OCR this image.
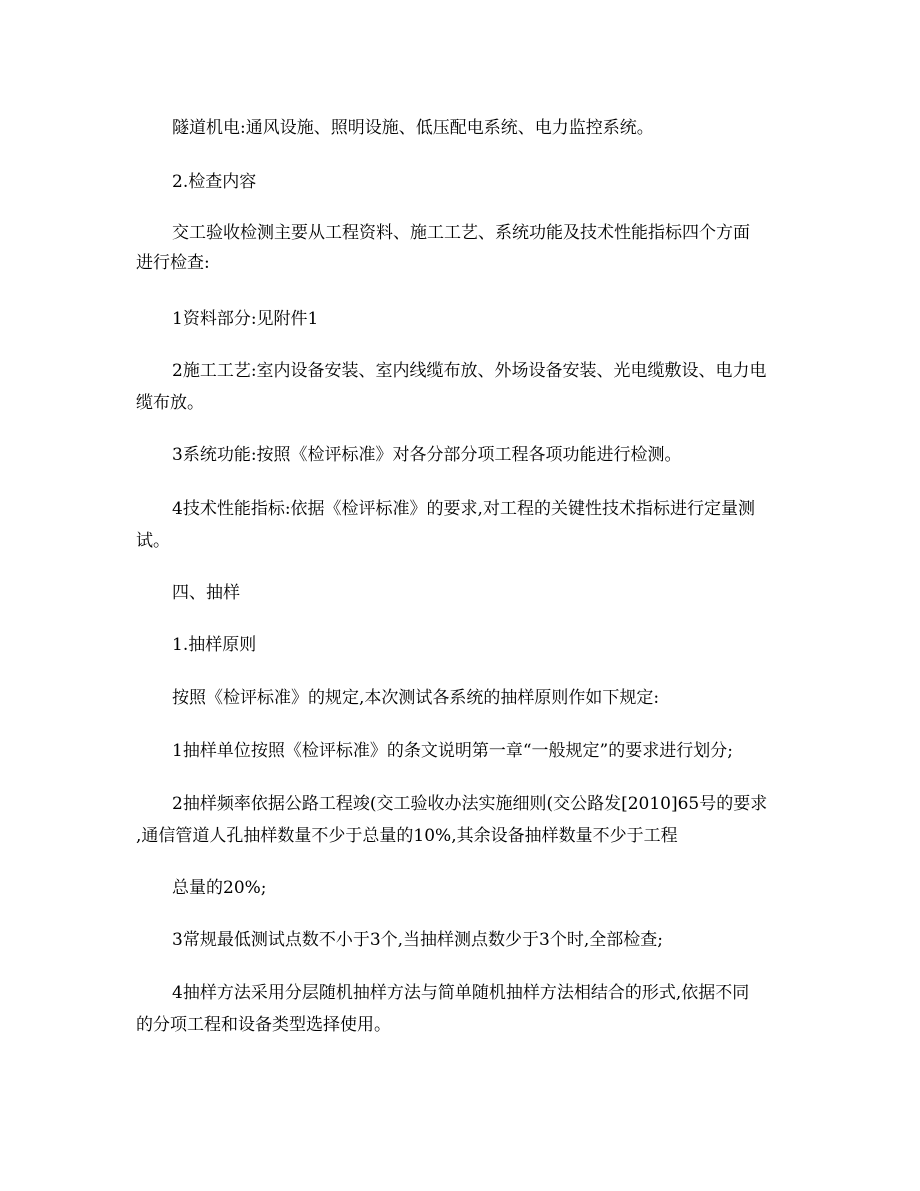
隧道机电:通风设施、照明设施、低压配电系统、电力监控系统。
2.检查内容
交工验收检测主要从工程资料、施工工艺、系统功能及技术性能指标四个方面
进行检查:
1资料部分:见附件1
2施工工艺:室内设备安装、室内线缆布放、外场设备安装、光电缆敷设、电力电
缆布放。
3系统功能:按照《检评标准》对各分部分项工程各项功能进行检测。
4技术性能指标:依据《检评标准》的要求,对工程的关键性技术指标进行定量测
试。
四、抽样
1.抽样原则
按照《检评标准》的规定,本次测试各系统的抽样原则作如下规定:
1抽样单位按照《检评标准》的条文说明第一章“一般规定”的要求进行划分;
2抽样频率依据公路工程竣(交工验收办法实施细则(交公路发[2010]65号的要求
,通信管道人孔抽样数量不少于总量的10%,其余设备抽样数量不少于工程
总量的20%;
3常规最低测试点数不小于3个,当抽样测点数少于3个时,全部检查;
4抽样方法采用分层随机抽样方法与简单随机抽样方法相结合的形式,依据不同
的分项工程和设备类型选择使用。
